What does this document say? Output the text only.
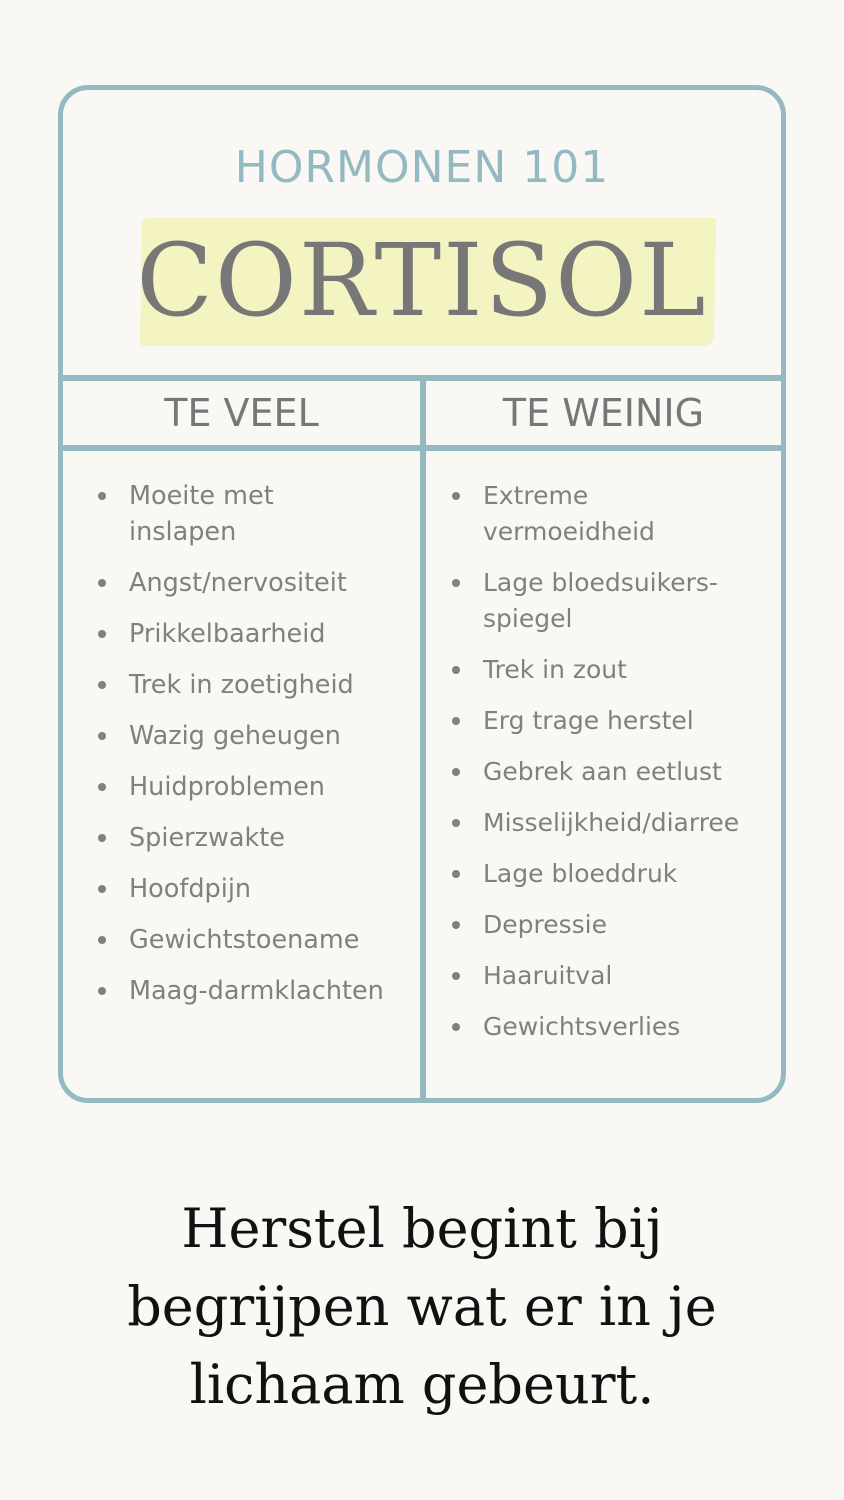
HORMONEN 101
CORTISOL
TE VEEL	TE WEINIG
Moeite met
inslapen
Angst/nervositeit
Prikkelbaarheid
Trek in zoetigheid
Wazig geheugen
Huidproblemen
Spierzwakte
Hoofdpijn
Gewichtstoename
Maag-darmklachten
Extreme
vermoeidheid
Lage bloedsuikers-
spiegel
Trek in zout
Erg trage herstel
Gebrek aan eetlust
Misselijkheid/diarree
Lage bloeddruk
Depressie
Haaruitval
Gewichtsverlies

Herstel begint bij
begrijpen wat er in je
lichaam gebeurt.
